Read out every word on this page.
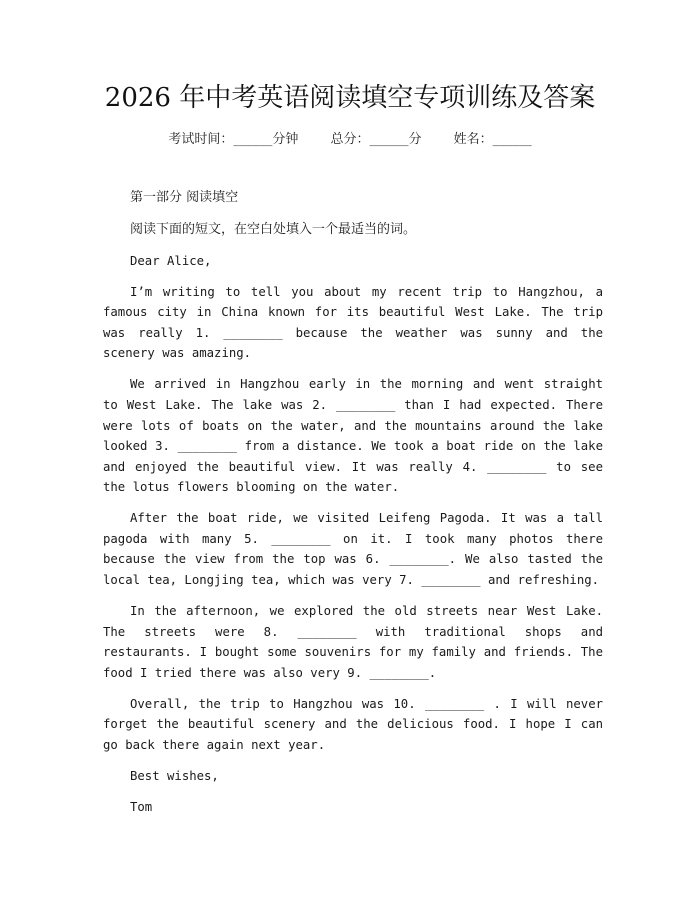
2026 年中考英语阅读填空专项训练及答案
考试时间：______分钟 总分：______分 姓名：______

第一部分 阅读填空

阅读下面的短文，在空白处填入一个最适当的词。

Dear Alice,

I’m writing to tell you about my recent trip to Hangzhou, a famous city in China known for its beautiful West Lake. The trip was really 1. ________ because the weather was sunny and the scenery was amazing.

We arrived in Hangzhou early in the morning and went straight to West Lake. The lake was 2. ________ than I had expected. There were lots of boats on the water, and the mountains around the lake looked 3. ________ from a distance. We took a boat ride on the lake and enjoyed the beautiful view. It was really 4. ________ to see the lotus flowers blooming on the water.

After the boat ride, we visited Leifeng Pagoda. It was a tall pagoda with many 5. ________ on it. I took many photos there because the view from the top was 6. ________. We also tasted the local tea, Longjing tea, which was very 7. ________ and refreshing.

In the afternoon, we explored the old streets near West Lake. The streets were 8. ________ with traditional shops and restaurants. I bought some souvenirs for my family and friends. The food I tried there was also very 9. ________.

Overall, the trip to Hangzhou was 10. ________ . I will never forget the beautiful scenery and the delicious food. I hope I can go back there again next year.

Best wishes,

Tom
